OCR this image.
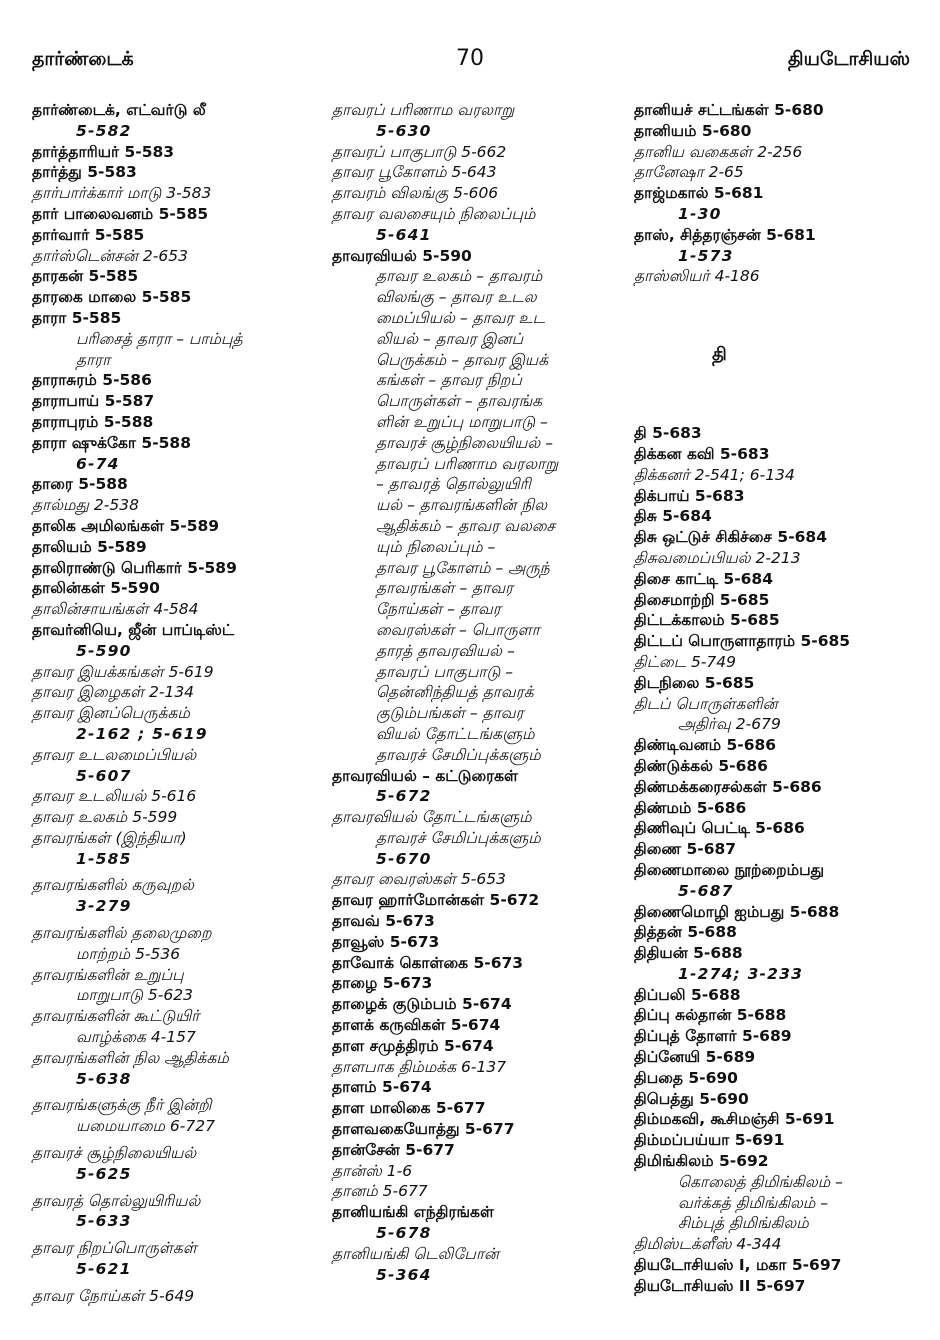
தார்ண்டைக்	70	தியடோசியஸ்
தார்ண்டைக், எட்வர்டு லீ
5-582
தார்த்தாரியர் 5-583
தார்த்து 5-583
தார்பார்க்கார் மாடு 3-583
தார் பாலைவனம் 5-585
தார்வார் 5-585
தார்ஸ்டென்சன் 2-653
தாரகன் 5-585
தாரகை மாலை 5-585
தாரா 5-585
பரிசைத் தாரா – பாம்புத்
தாரா
தாராசுரம் 5-586
தாராபாய் 5-587
தாராபுரம் 5-588
தாரா ஷுக்கோ 5-588
6-74
தாரை 5-588
தால்மது 2-538
தாலிக அமிலங்கள் 5-589
தாலியம் 5-589
தாலிராண்டு பெரிகார் 5-589
தாலின்கள் 5-590
தாலின்சாயங்கள் 4-584
தாவர்னியெ, ஜீன் பாப்டிஸ்ட்
5-590
தாவர இயக்கங்கள் 5-619
தாவர இழைகள் 2-134
தாவர இனப்பெருக்கம்
2-162 ; 5-619
தாவர உடலமைப்பியல்
5-607
தாவர உடலியல் 5-616
தாவர உலகம் 5-599
தாவரங்கள் (இந்தியா)
1-585
தாவரங்களில் கருவுறல்
3-279
தாவரங்களில் தலைமுறை
மாற்றம் 5-536
தாவரங்களின் உறுப்பு
மாறுபாடு 5-623
தாவரங்களின் கூட்டுயிர்
வாழ்க்கை 4-157
தாவரங்களின் நில ஆதிக்கம்
5-638
தாவரங்களுக்கு நீர் இன்றி
யமையாமை 6-727
தாவரச் சூழ்நிலையியல்
5-625
தாவரத் தொல்லுயிரியல்
5-633
தாவர நிறப்பொருள்கள்
5-621
தாவர நோய்கள் 5-649
தாவரப் பரிணாம வரலாறு
5-630
தாவரப் பாகுபாடு 5-662
தாவர பூகோளம் 5-643
தாவரம் விலங்கு 5-606
தாவர வலசையும் நிலைப்பும்
5-641
தாவரவியல் 5-590
தாவர உலகம் – தாவரம்
விலங்கு – தாவர உடல
மைப்பியல் – தாவர உட
லியல் – தாவர இனப்
பெருக்கம் – தாவர இயக்
கங்கள் – தாவர நிறப்
பொருள்கள் – தாவரங்க
ளின் உறுப்பு மாறுபாடு –
தாவரச் சூழ்நிலையியல் –
தாவரப் பரிணாம வரலாறு
– தாவரத் தொல்லுயிரி
யல் – தாவரங்களின் நில
ஆதிக்கம் – தாவர வலசை
யும் நிலைப்பும் –
தாவர பூகோளம் – அருந்
தாவரங்கள் – தாவர
நோய்கள் – தாவர
வைரஸ்கள் – பொருளா
தாரத் தாவரவியல் –
தாவரப் பாகுபாடு –
தென்னிந்தியத் தாவரக்
குடும்பங்கள் – தாவர
வியல் தோட்டங்களும்
தாவரச் சேமிப்புக்களும்
தாவரவியல் – கட்டுரைகள்
5-672
தாவரவியல் தோட்டங்களும்
தாவரச் சேமிப்புக்களும்
5-670
தாவர வைரஸ்கள் 5-653
தாவர ஹார்மோன்கள் 5-672
தாவவ் 5-673
தாவூஸ் 5-673
தாவோக் கொள்கை 5-673
தாழை 5-673
தாழைக் குடும்பம் 5-674
தாளக் கருவிகள் 5-674
தாள சமுத்திரம் 5-674
தாளபாக திம்மக்க 6-137
தாளம் 5-674
தாள மாலிகை 5-677
தாளவகையோத்து 5-677
தான்சேன் 5-677
தான்ஸ் 1-6
தானம் 5-677
தானியங்கி எந்திரங்கள்
5-678
தானியங்கி டெலிபோன்
5-364
தானியச் சட்டங்கள் 5-680
தானியம் 5-680
தானிய வகைகள் 2-256
தானேஷா 2-65
தாஜ்மகால் 5-681
1-30
தாஸ், சித்தரஞ்சன் 5-681
1-573
தாஸ்ஸியர் 4-186
தி
தி 5-683
திக்கன கவி 5-683
திக்கனர் 2-541; 6-134
திக்பாய் 5-683
திசு 5-684
திசு ஒட்டுச் சிகிச்சை 5-684
திசுவமைப்பியல் 2-213
திசை காட்டி 5-684
திசைமாற்றி 5-685
திட்டக்காலம் 5-685
திட்டப் பொருளாதாரம் 5-685
திட்டை 5-749
திடநிலை 5-685
திடப் பொருள்களின்
அதிர்வு 2-679
திண்டிவனம் 5-686
திண்டுக்கல் 5-686
திண்மக்கரைசல்கள் 5-686
திண்மம் 5-686
திணிவுப் பெட்டி 5-686
திணை 5-687
திணைமாலை நூற்றைம்பது
5-687
திணைமொழி ஐம்பது 5-688
தித்தன் 5-688
திதியன் 5-688
1-274; 3-233
திப்பலி 5-688
திப்பு சுல்தான் 5-688
திப்புத் தோளர் 5-689
திப்னேயி 5-689
திபதை 5-690
திபெத்து 5-690
திம்மகவி, கூசிமஞ்சி 5-691
திம்மப்பய்யா 5-691
திமிங்கிலம் 5-692
கொலைத் திமிங்கிலம் –
வர்க்கத் திமிங்கிலம் –
சிம்புத் திமிங்கிலம்
திமிஸ்டக்ளீஸ் 4-344
தியடோசியஸ் I, மகா 5-697
தியடோசியஸ் II 5-697
